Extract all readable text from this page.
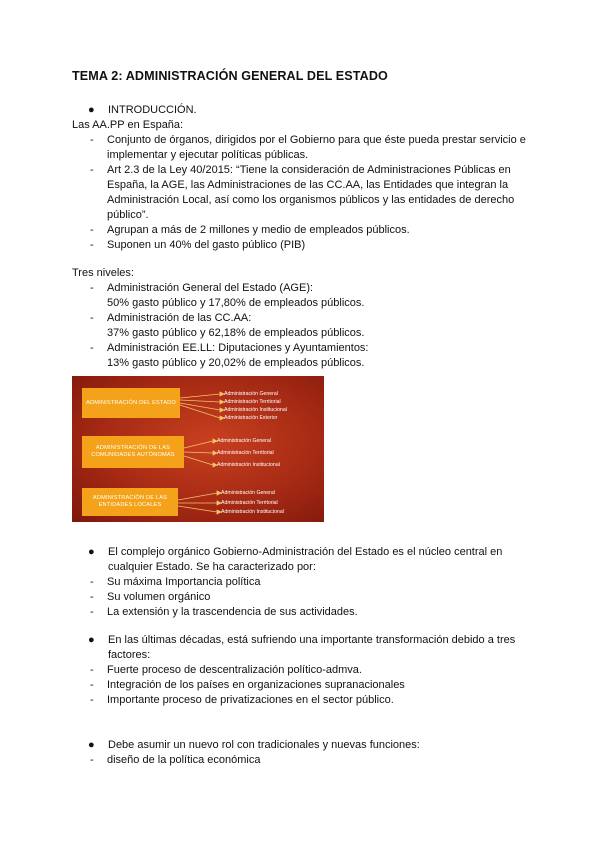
TEMA 2: ADMINISTRACIÓN GENERAL DEL ESTADO
● INTRODUCCIÓN.
Las AA.PP en España:
- Conjunto de órganos, dirigidos por el Gobierno para que éste pueda prestar servicio e implementar y ejecutar políticas públicas.
- Art 2.3 de la Ley 40/2015: “Tiene la consideración de Administraciones Públicas en España, la AGE, las Administraciones de las CC.AA, las Entidades que integran la Administración Local, así como los organismos públicos y las entidades de derecho público”.
- Agrupan a más de 2 millones y medio de empleados públicos.
- Suponen un 40% del gasto público (PIB)
Tres niveles:
- Administración General del Estado (AGE):
50% gasto público y 17,80% de empleados públicos.
- Administración de las CC.AA:
37% gasto público y 62,18% de empleados públicos.
- Administración EE.LL: Diputaciones y Ayuntamientos:
13% gasto público y 20,02% de empleados públicos.
ADMINISTRACIÓN DEL ESTADO
Administración General
Administración Territorial
Administración Institucional
Administración Exterior
ADMINISTRACIÓN DE LAS COMUNIDADES AUTÓNOMAS
Administración General
Administración Territorial
Administración Institucional
ADMINISTRACIÓN DE LAS ENTIDADES LOCALES
Administración General
Administración Territorial
Administración Institucional
● El complejo orgánico Gobierno-Administración del Estado es el núcleo central en cualquier Estado. Se ha caracterizado por:
- Su máxima Importancia política
- Su volumen orgánico
- La extensión y la trascendencia de sus actividades.
● En las últimas décadas, está sufriendo una importante transformación debido a tres factores:
- Fuerte proceso de descentralización político-admva.
- Integración de los países en organizaciones supranacionales
- Importante proceso de privatizaciones en el sector público.
● Debe asumir un nuevo rol con tradicionales y nuevas funciones:
- diseño de la política económica
